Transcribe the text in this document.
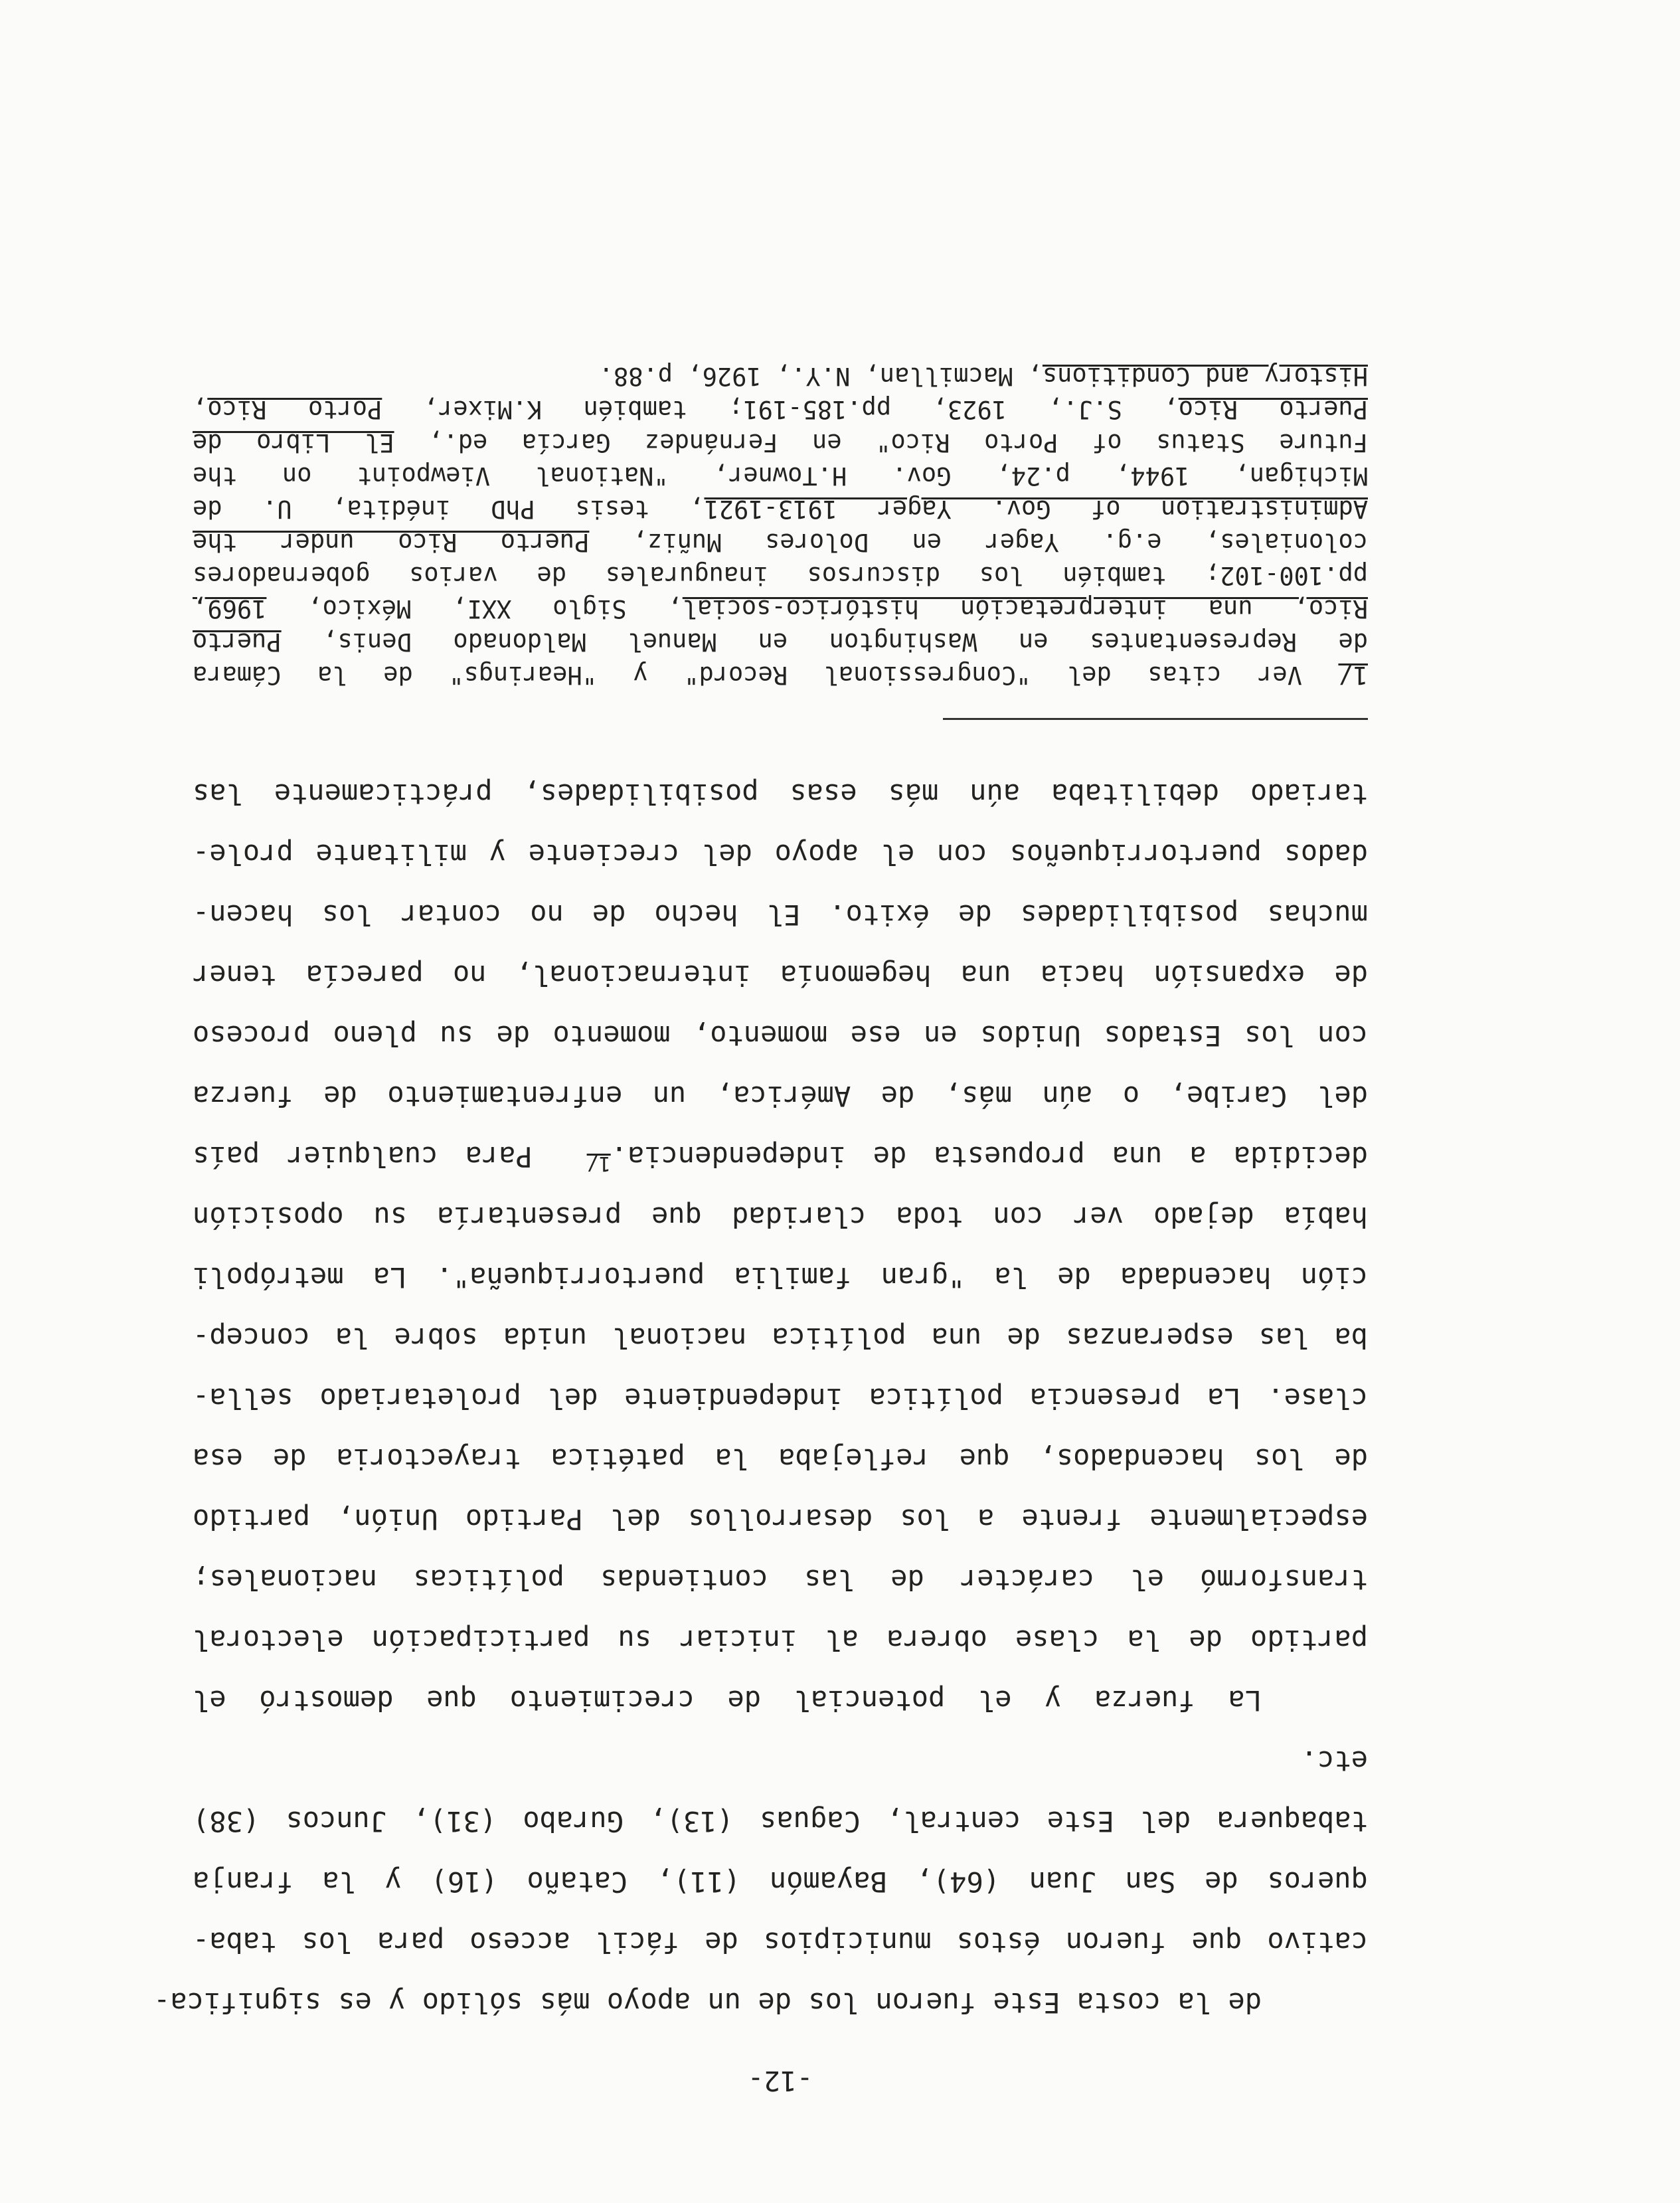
-12-
de la costa Este fueron los de un apoyo más sólido y es significa-
cativo que fueron éstos municipios de fácil acceso para los taba-
queros de San Juan (64), Bayamón (11), Cataño (16) y la franja
tabaquera del Este central, Caguas (13), Gurabo (31), Juncos (38)
etc.
La fuerza y el potencial de crecimiento que demostró el
partido de la clase obrera al iniciar su participación electoral
transformó el carácter de las contiendas políticas nacionales;
especialmente frente a los desarrollos del Partido Unión, partido
de los hacendados, que reflejaba la patética trayectoria de esa
clase. La presencia política independiente del proletariado sella-
ba las esperanzas de una política nacional unida sobre la concep-
ción hacendada de la "gran familia puertorriqueña". La metrópoli
había dejado ver con toda claridad que presentaría su oposición
decidida a una propuesta de independencia.$^{1/}$  Para cualquier país
del Caribe, o aún más, de América, un enfrentamiento de fuerza
con los Estados Unidos en ese momento, momento de su pleno proceso
de expansión hacia una hegemonía internacional, no parecía tener
muchas posibilidades de éxito. El hecho de no contar los hacen-
dados puertorriqueños con el apoyo del creciente y militante prole-
tariado debilitaba aún más esas posibilidades, prácticamente las
1/ Ver citas del "Congressional Record" y "Hearings" de la Cámara
de Representantes en Washington en Manuel Maldonado Denis, Puerto
Rico, una interpretación histórico-social, Siglo XXI, México, 1969,
pp.100-102; también los discursos inaugurales de varios gobernadores
coloniales, e.g. Yager en Dolores Muñiz, Puerto Rico under the
Administration of Gov. Yager 1913-1921, tesis PhD inédita, U. de
Michigan, 1944, p.24, Gov. H.Towner, "National Viewpoint on the
Future Status of Porto Rico" en Fernández García ed., El Libro de
Puerto Rico, S.J., 1923, pp.185-191; también K.Mixer, Porto Rico,
History and Conditions, Macmillan, N.Y., 1926, p.88.
